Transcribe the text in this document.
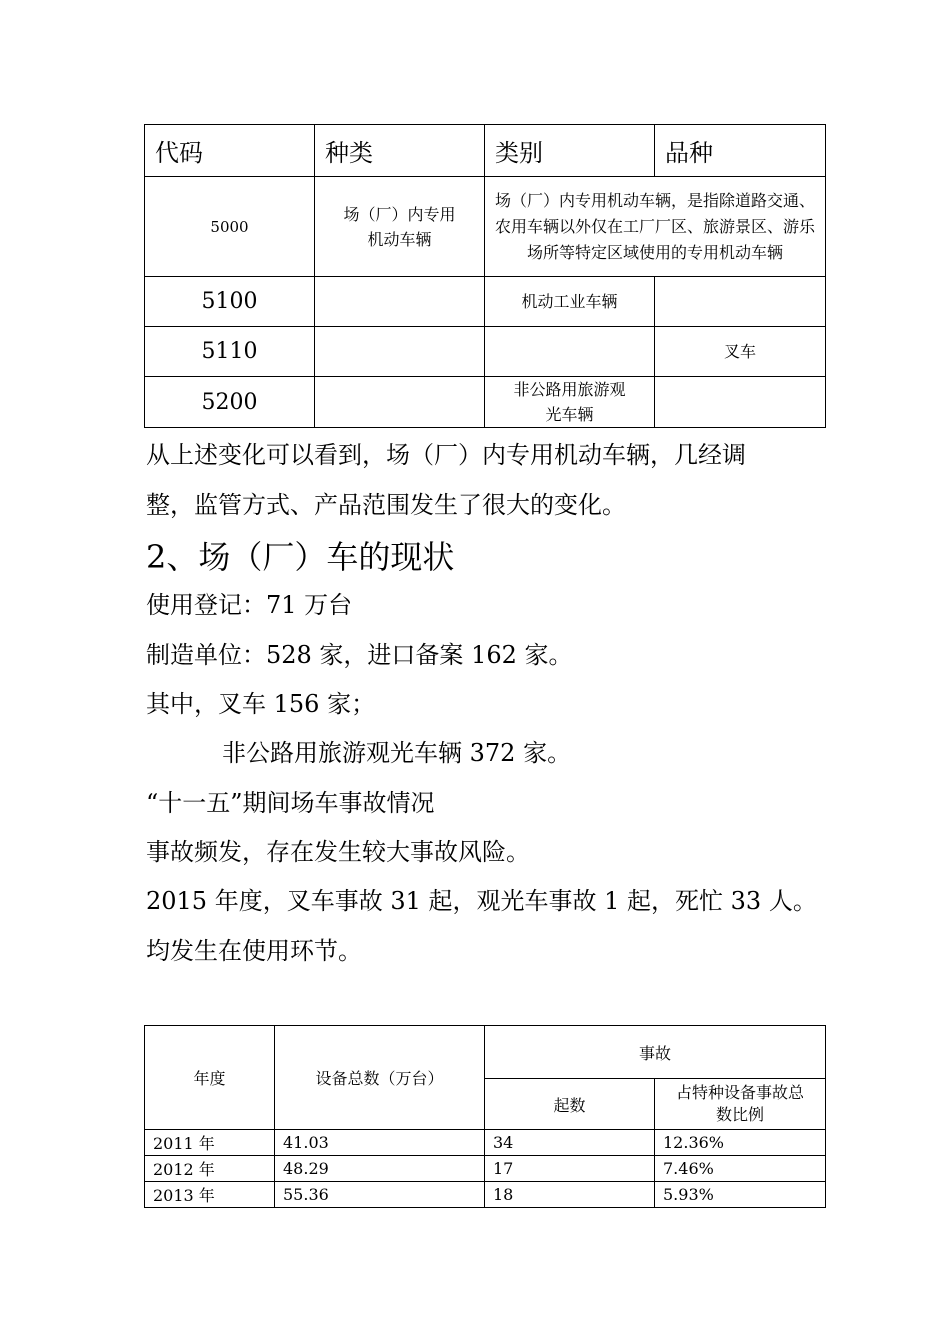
代码	种类	类别	品种
5000	场（厂）内专用机动车辆	场（厂）内专用机动车辆，是指除道路交通、农用车辆以外仅在工厂厂区、旅游景区、游乐场所等特定区域使用的专用机动车辆	
5100		机动工业车辆	
5110			叉车
5200		非公路用旅游观光车辆	
从上述变化可以看到，场（厂）内专用机动车辆，几经调
整，监管方式、产品范围发生了很大的变化。
2、场（厂）车的现状
使用登记：71 万台
制造单位：528 家，进口备案 162 家。
其中，叉车 156 家；
非公路用旅游观光车辆 372 家。
“十一五”期间场车事故情况
事故频发，存在发生较大事故风险。
2015 年度，叉车事故 31 起，观光车事故 1 起，死忙 33 人。
均发生在使用环节。
年度	设备总数（万台）	事故	
		起数	占特种设备事故总数比例
2011 年	41.03	34	12.36%
2012 年	48.29	17	7.46%
2013 年	55.36	18	5.93%
